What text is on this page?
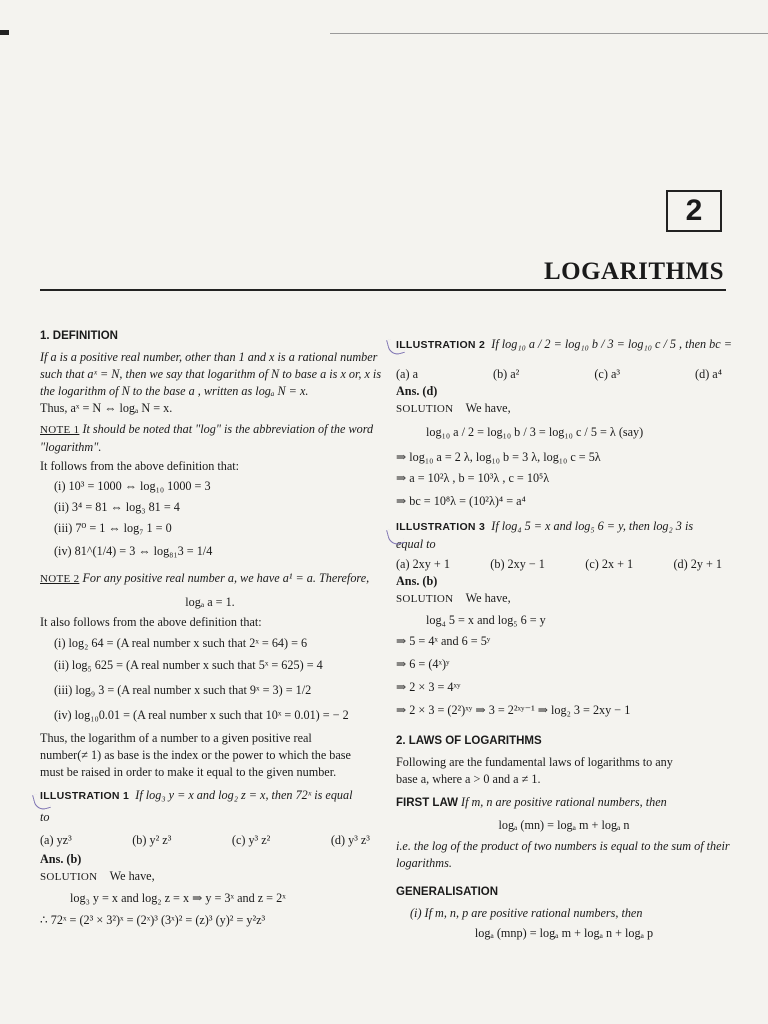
2
LOGARITHMS

1. DEFINITION

If a is a positive real number, other than 1 and x is a rational number

such that aˣ = N, then we say that logarithm of N to base a is x or, x is

the logarithm of N to the base a , written as logₐ N = x.

Thus, aˣ = N ⇔ logₐ N = x.

NOTE 1 It should be noted that "log" is the abbreviation of the word

"logarithm".

It follows from the above definition that:

(i) 10³ = 1000 ⇔ log₁₀ 1000 = 3

(ii) 3⁴ = 81 ⇔ log₃ 81 = 4

(iii) 7⁰ = 1 ⇔ log₇ 1 = 0

(iv) 81^(1/4) = 3 ⇔ log₈₁3 = 1/4

NOTE 2 For any positive real number a, we have a¹ = a. Therefore,

logₐ a = 1.

It also follows from the above definition that:

(i) log₂ 64 = (A real number x such that 2ˣ = 64) = 6

(ii) log₅ 625 = (A real number x such that 5ˣ = 625) = 4

(iii) log₉ 3 = (A real number x such that 9ˣ = 3) = 1/2

(iv) log₁₀0.01 = (A real number x such that 10ˣ = 0.01) = − 2

Thus, the logarithm of a number to a given positive real

number(≠ 1) as base is the index or the power to which the base

must be raised in order to make it equal to the given number.

ILLUSTRATION 1 If log₃ y = x and log₂ z = x, then 72ˣ is equal

to

(a) yz³	(b) y² z³	(c) y³ z²	(d) y³ z³

Ans. (b)

SOLUTION We have,

log₃ y = x and log₂ z = x ⇒ y = 3ˣ and z = 2ˣ

∴ 72ˣ = (2³ × 3²)ˣ = (2ˣ)³ (3ˣ)² = (z)³ (y)² = y²z³

ILLUSTRATION 2 If log₁₀ a / 2 = log₁₀ b / 3 = log₁₀ c / 5 , then bc =

(a) a	(b) a²	(c) a³	(d) a⁴

Ans. (d)

SOLUTION We have,

log₁₀ a / 2 = log₁₀ b / 3 = log₁₀ c / 5 = λ (say)

⇒ log₁₀ a = 2 λ, log₁₀ b = 3 λ, log₁₀ c = 5λ

⇒ a = 10²λ , b = 10³λ , c = 10⁵λ

⇒ bc = 10⁸λ = (10²λ)⁴ = a⁴

ILLUSTRATION 3 If log₄ 5 = x and log₅ 6 = y, then log₂ 3 is

equal to

(a) 2xy + 1	(b) 2xy − 1	(c) 2x + 1	(d) 2y + 1

Ans. (b)

SOLUTION We have,

log₄ 5 = x and log₅ 6 = y

⇒ 5 = 4ˣ and 6 = 5ʸ

⇒ 6 = (4ˣ)ʸ

⇒ 2 × 3 = 4ˣʸ

⇒ 2 × 3 = (2²)ˣʸ ⇒ 3 = 2²ˣʸ⁻¹ ⇒ log₂ 3 = 2xy − 1

2. LAWS OF LOGARITHMS

Following are the fundamental laws of logarithms to any

base a, where a > 0 and a ≠ 1.

FIRST LAW If m, n are positive rational numbers, then

logₐ (mn) = logₐ m + logₐ n

i.e. the log of the product of two numbers is equal to the sum of their

logarithms.

GENERALISATION

(i) If m, n, p are positive rational numbers, then

logₐ (mnp) = logₐ m + logₐ n + logₐ p
